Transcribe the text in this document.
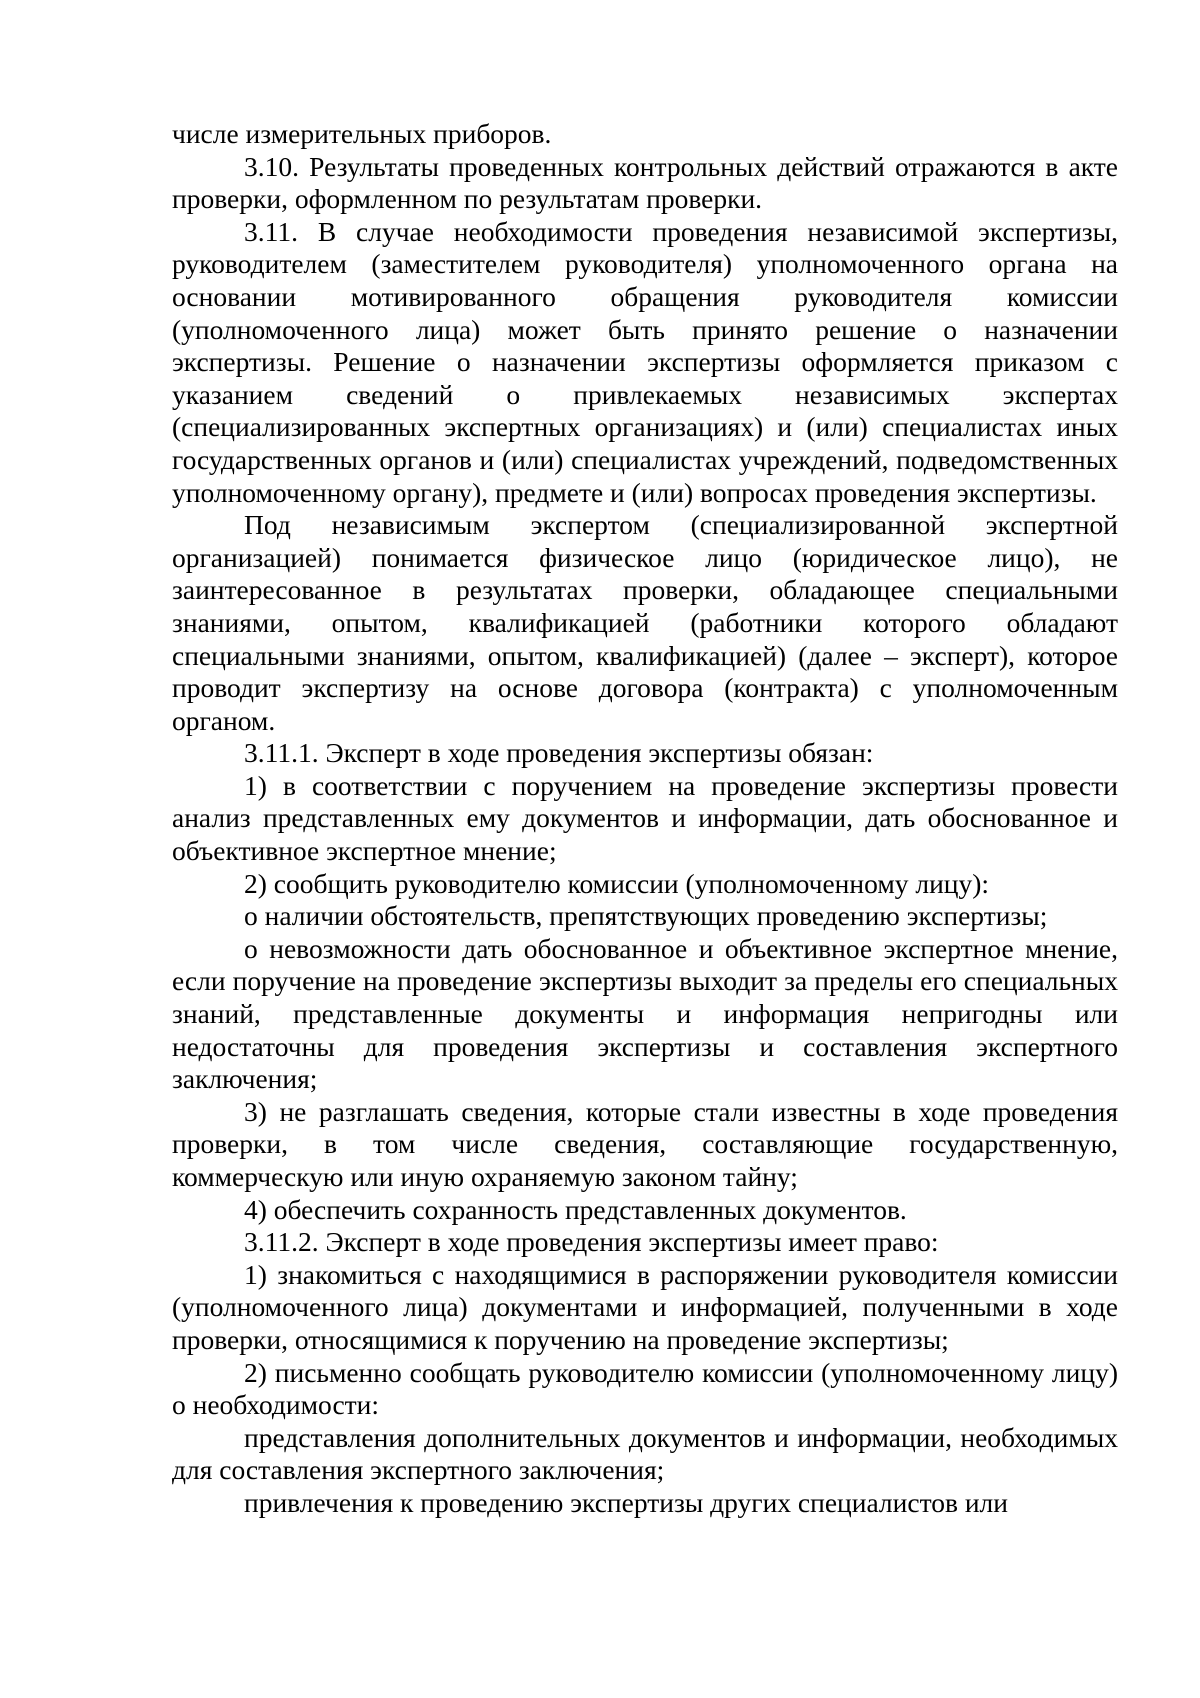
числе измерительных приборов.

3.10. Результаты проведенных контрольных действий отражаются в акте проверки, оформленном по результатам проверки.

3.11. В случае необходимости проведения независимой экспертизы, руководителем (заместителем руководителя) уполномоченного органа на основании мотивированного обращения руководителя комиссии (уполномоченного лица) может быть принято решение о назначении экспертизы. Решение о назначении экспертизы оформляется приказом с указанием сведений о привлекаемых независимых экспертах (специализированных экспертных организациях) и (или) специалистах иных государственных органов и (или) специалистах учреждений, подведомственных уполномоченному органу), предмете и (или) вопросах проведения экспертизы.

Под независимым экспертом (специализированной экспертной организацией) понимается физическое лицо (юридическое лицо), не заинтересованное в результатах проверки, обладающее специальными знаниями, опытом, квалификацией (работники которого обладают специальными знаниями, опытом, квалификацией) (далее – эксперт), которое проводит экспертизу на основе договора (контракта) с уполномоченным органом.

3.11.1. Эксперт в ходе проведения экспертизы обязан:

1) в соответствии с поручением на проведение экспертизы провести анализ представленных ему документов и информации, дать обоснованное и объективное экспертное мнение;

2) сообщить руководителю комиссии (уполномоченному лицу):

о наличии обстоятельств, препятствующих проведению экспертизы;

о невозможности дать обоснованное и объективное экспертное мнение, если поручение на проведение экспертизы выходит за пределы его специальных знаний, представленные документы и информация непригодны или недостаточны для проведения экспертизы и составления экспертного заключения;

3) не разглашать сведения, которые стали известны в ходе проведения проверки, в том числе сведения, составляющие государственную, коммерческую или иную охраняемую законом тайну;

4) обеспечить сохранность представленных документов.

3.11.2. Эксперт в ходе проведения экспертизы имеет право:

1) знакомиться с находящимися в распоряжении руководителя комиссии (уполномоченного лица) документами и информацией, полученными в ходе проверки, относящимися к поручению на проведение экспертизы;

2) письменно сообщать руководителю комиссии (уполномоченному лицу) о необходимости:

представления дополнительных документов и информации, необходимых для составления экспертного заключения;

привлечения к проведению экспертизы других специалистов или
